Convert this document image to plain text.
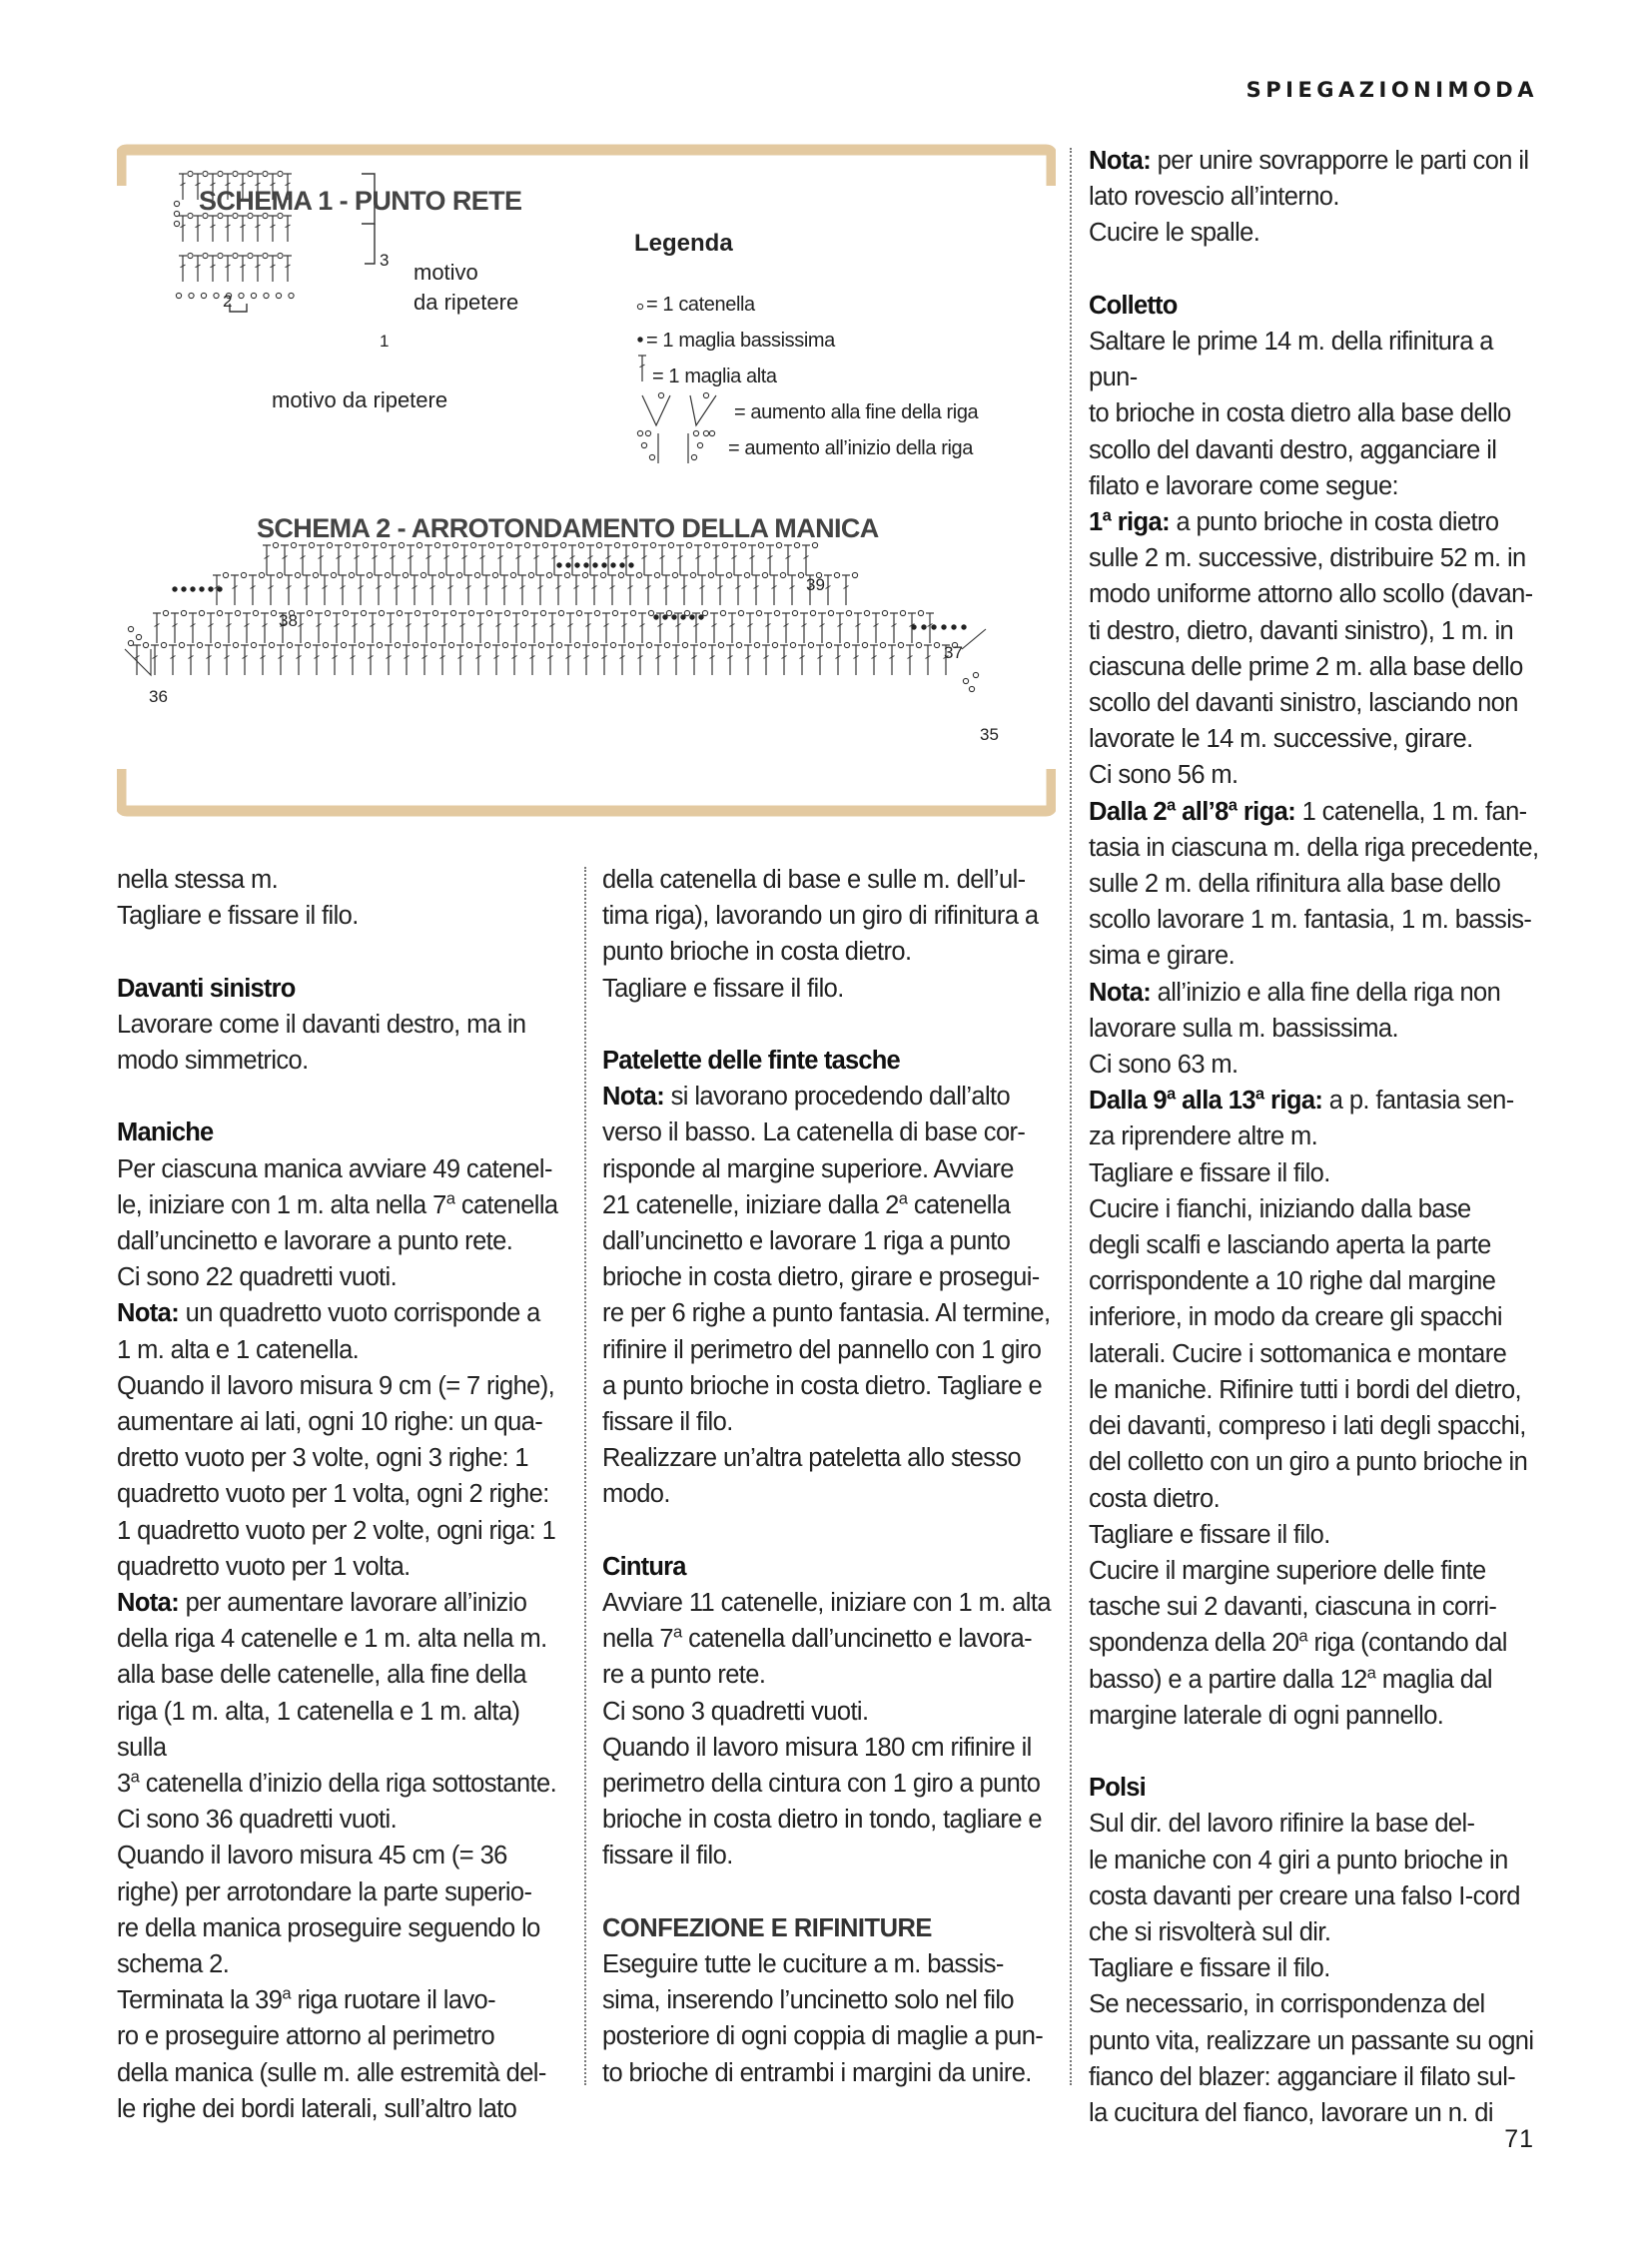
SPIEGAZIONIMODA
SCHEMA 1 - PUNTO RETE
motivo
da ripetere
motivo da ripetere
3
2
1
Legenda
= 1 catenella
= 1 maglia bassissima
= 1 maglia alta
= aumento alla fine della riga
= aumento all’inizio della riga
SCHEMA 2 - ARROTONDAMENTO DELLA MANICA
39
38
37
36
35

nella stessa m.

Tagliare e fissare il filo.

Davanti sinistro

Lavorare come il davanti destro, ma in

modo simmetrico.

Maniche

Per ciascuna manica avviare 49 catenel-

le, iniziare con 1 m. alta nella 7$^a$ catenella

dall’uncinetto e lavorare a punto rete.

Ci sono 22 quadretti vuoti.

Nota: un quadretto vuoto corrisponde a

1 m. alta e 1 catenella.

Quando il lavoro misura 9 cm (= 7 righe),

aumentare ai lati, ogni 10 righe: un qua-

dretto vuoto per 3 volte, ogni 3 righe: 1

quadretto vuoto per 1 volta, ogni 2 righe:

1 quadretto vuoto per 2 volte, ogni riga: 1

quadretto vuoto per 1 volta.

Nota: per aumentare lavorare all’inizio

della riga 4 catenelle e 1 m. alta nella m.

alla base delle catenelle, alla fine della

riga (1 m. alta, 1 catenella e 1 m. alta) sulla

3$^a$ catenella d’inizio della riga sottostante.

Ci sono 36 quadretti vuoti.

Quando il lavoro misura 45 cm (= 36

righe) per arrotondare la parte superio-

re della manica proseguire seguendo lo

schema 2.

Terminata la 39$^a$ riga ruotare il lavo-

ro e proseguire attorno al perimetro

della manica (sulle m. alle estremità del-

le righe dei bordi laterali, sull’altro lato

della catenella di base e sulle m. dell’ul-

tima riga), lavorando un giro di rifinitura a

punto brioche in costa dietro.

Tagliare e fissare il filo.

Patelette delle finte tasche

Nota: si lavorano procedendo dall’alto

verso il basso. La catenella di base cor-

risponde al margine superiore. Avviare

21 catenelle, iniziare dalla 2$^a$ catenella

dall’uncinetto e lavorare 1 riga a punto

brioche in costa dietro, girare e prosegui-

re per 6 righe a punto fantasia. Al termine,

rifinire il perimetro del pannello con 1 giro

a punto brioche in costa dietro. Tagliare e

fissare il filo.

Realizzare un’altra pateletta allo stesso

modo.

Cintura

Avviare 11 catenelle, iniziare con 1 m. alta

nella 7$^a$ catenella dall’uncinetto e lavora-

re a punto rete.

Ci sono 3 quadretti vuoti.

Quando il lavoro misura 180 cm rifinire il

perimetro della cintura con 1 giro a punto

brioche in costa dietro in tondo, tagliare e

fissare il filo.

CONFEZIONE E RIFINITURE

Eseguire tutte le cuciture a m. bassis-

sima, inserendo l’uncinetto solo nel filo

posteriore di ogni coppia di maglie a pun-

to brioche di entrambi i margini da unire.

Nota: per unire sovrapporre le parti con il

lato rovescio all’interno.

Cucire le spalle.

Colletto

Saltare le prime 14 m. della rifinitura a pun-

to brioche in costa dietro alla base dello

scollo del davanti destro, agganciare il

filato e lavorare come segue:

1$^a$ riga: a punto brioche in costa dietro

sulle 2 m. successive, distribuire 52 m. in

modo uniforme attorno allo scollo (davan-

ti destro, dietro, davanti sinistro), 1 m. in

ciascuna delle prime 2 m. alla base dello

scollo del davanti sinistro, lasciando non

lavorate le 14 m. successive, girare.

Ci sono 56 m.

Dalla 2$^a$ all’8$^a$ riga: 1 catenella, 1 m. fan-

tasia in ciascuna m. della riga precedente,

sulle 2 m. della rifinitura alla base dello

scollo lavorare 1 m. fantasia, 1 m. bassis-

sima e girare.

Nota: all’inizio e alla fine della riga non

lavorare sulla m. bassissima.

Ci sono 63 m.

Dalla 9$^a$ alla 13$^a$ riga: a p. fantasia sen-

za riprendere altre m.

Tagliare e fissare il filo.

Cucire i fianchi, iniziando dalla base

degli scalfi e lasciando aperta la parte

corrispondente a 10 righe dal margine

inferiore, in modo da creare gli spacchi

laterali. Cucire i sottomanica e montare

le maniche. Rifinire tutti i bordi del dietro,

dei davanti, compreso i lati degli spacchi,

del colletto con un giro a punto brioche in

costa dietro.

Tagliare e fissare il filo.

Cucire il margine superiore delle finte

tasche sui 2 davanti, ciascuna in corri-

spondenza della 20$^a$ riga (contando dal

basso) e a partire dalla 12$^a$ maglia dal

margine laterale di ogni pannello.

Polsi

Sul dir. del lavoro rifinire la base del-

le maniche con 4 giri a punto brioche in

costa davanti per creare una falso I-cord

che si risvolterà sul dir.

Tagliare e fissare il filo.

Se necessario, in corrispondenza del

punto vita, realizzare un passante su ogni

fianco del blazer: agganciare il filato sul-

la cucitura del fianco, lavorare un n. di

71
